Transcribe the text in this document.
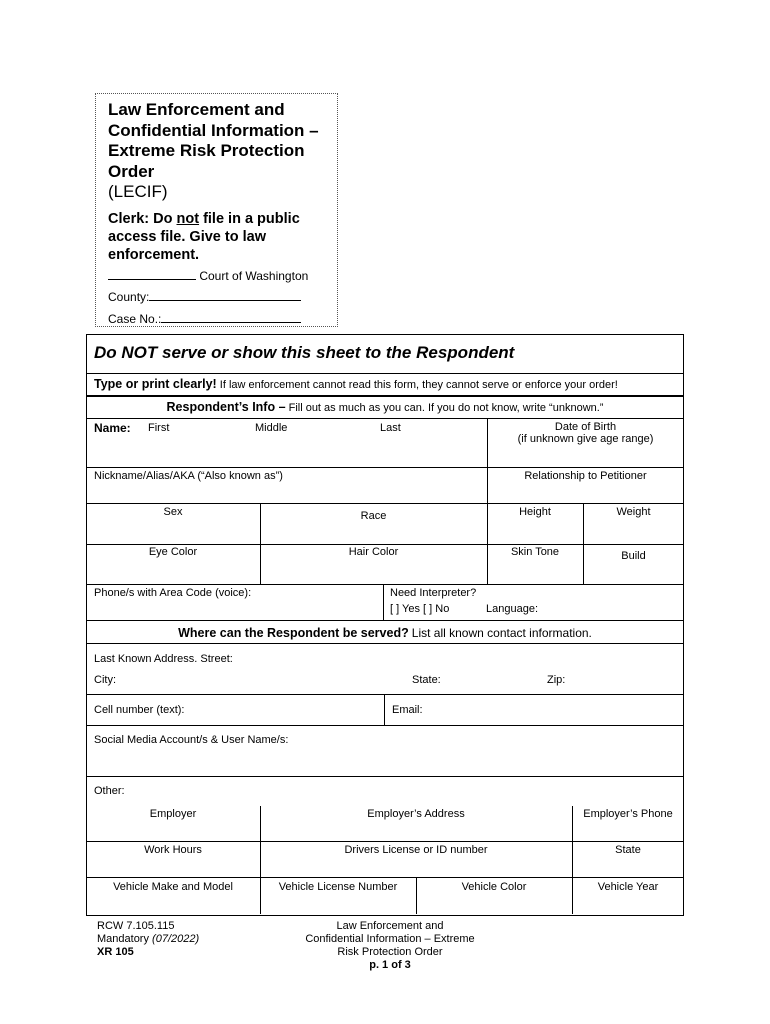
Law Enforcement and Confidential Information – Extreme Risk Protection Order
(LECIF)
Clerk: Do not file in a public access file. Give to law enforcement.
Court of Washington
County:
Case No.:
Do NOT serve or show this sheet to the Respondent
Type or print clearly! If law enforcement cannot read this form, they cannot serve or enforce your order!
Respondent’s Info – Fill out as much as you can. If you do not know, write “unknown.”
Name: First	Middle	Last	Date of Birth
(if unknown give age range)
Nickname/Alias/AKA (“Also known as”)	Relationship to Petitioner
Sex	Race	Height	Weight
Eye Color	Hair Color	Skin Tone	Build
Phone/s with Area Code (voice):	Need Interpreter?
[ ] Yes [ ] No	Language:
Where can the Respondent be served? List all known contact information.
Last Known Address. Street:
City:	State:	Zip:
Cell number (text):	Email:
Social Media Account/s & User Name/s:
Other:
Employer	Employer’s Address	Employer’s Phone
Work Hours	Drivers License or ID number	State
Vehicle Make and Model	Vehicle License Number	Vehicle Color	Vehicle Year
RCW 7.105.115
Mandatory (07/2022)
XR 105
Law Enforcement and
Confidential Information – Extreme
Risk Protection Order
p. 1 of 3
